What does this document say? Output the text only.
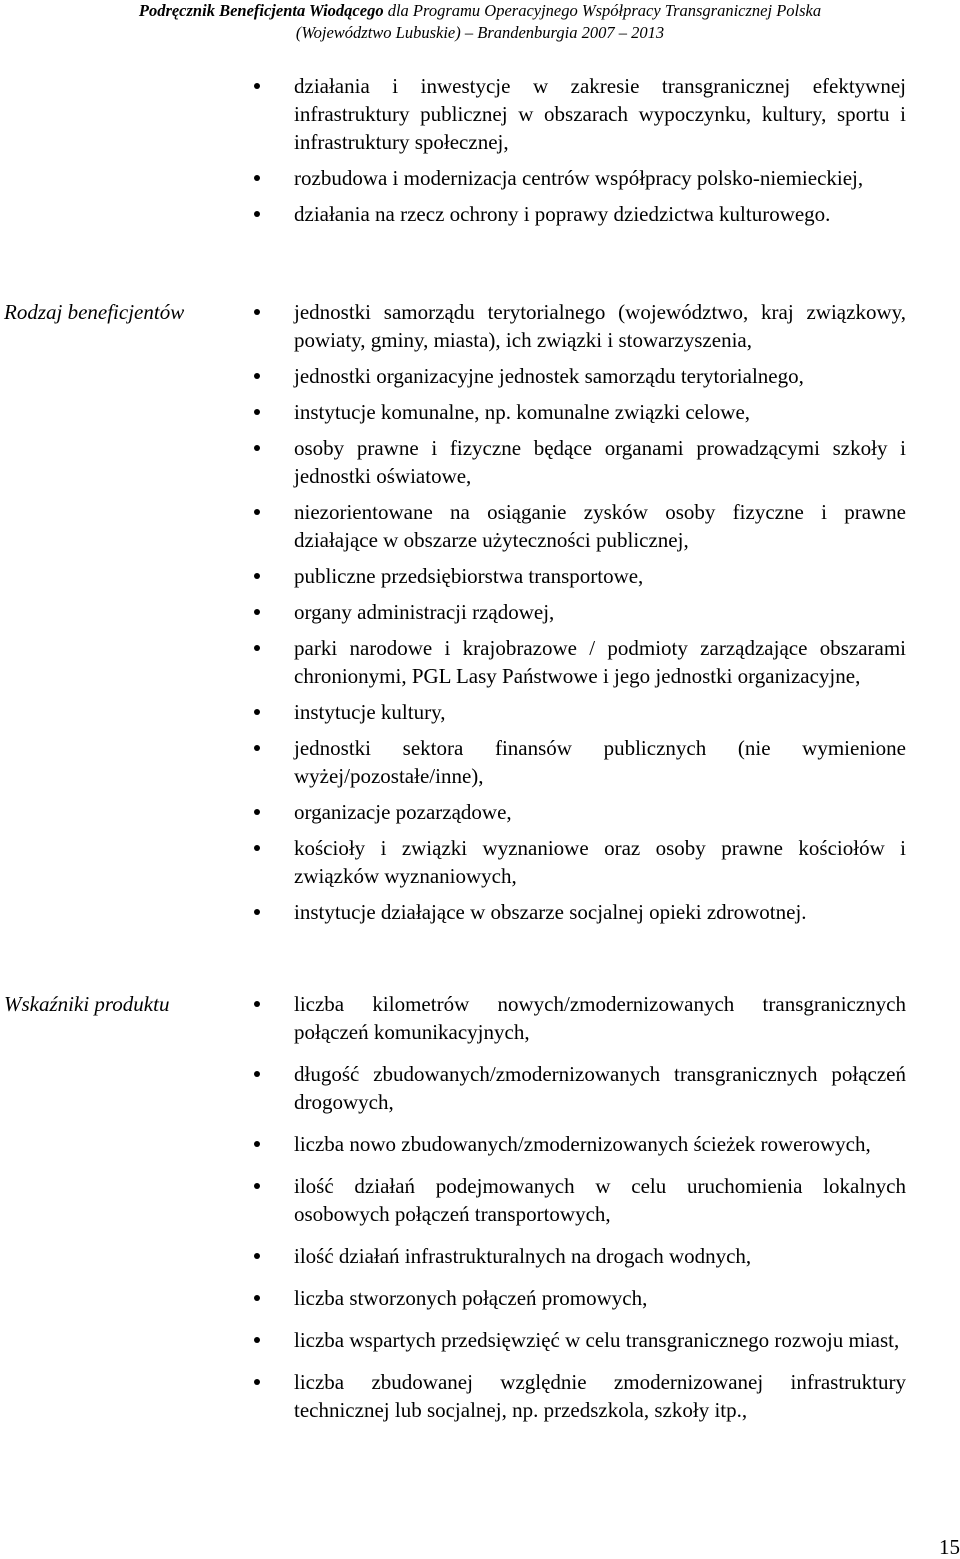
Podręcznik Beneficjenta Wiodącego dla Programu Operacyjnego Współpracy Transgranicznej Polska
(Województwo Lubuskie) – Brandenburgia 2007 – 2013
działania i inwestycje w zakresie transgranicznej efektywnej infrastruktury publicznej w obszarach wypoczynku, kultury, sportu i infrastruktury społecznej,
rozbudowa i modernizacja centrów współpracy polsko-niemieckiej,
działania na rzecz ochrony i poprawy dziedzictwa kulturowego.
Rodzaj beneficjentów	jednostki samorządu terytorialnego (województwo, kraj związkowy, powiaty, gminy, miasta), ich związki i stowarzyszenia,
jednostki organizacyjne jednostek samorządu terytorialnego,
instytucje komunalne, np. komunalne związki celowe,
osoby prawne i fizyczne będące organami prowadzącymi szkoły i jednostki oświatowe,
niezorientowane na osiąganie zysków osoby fizyczne i prawne działające w obszarze użyteczności publicznej,
publiczne przedsiębiorstwa transportowe,
organy administracji rządowej,
parki narodowe i krajobrazowe / podmioty zarządzające obszarami chronionymi, PGL Lasy Państwowe i jego jednostki organizacyjne,
instytucje kultury,
jednostki sektora finansów publicznych (nie wymienione wyżej/pozostałe/inne),
organizacje pozarządowe,
kościoły i związki wyznaniowe oraz osoby prawne kościołów i związków wyznaniowych,
instytucje działające w obszarze socjalnej opieki zdrowotnej.
Wskaźniki produktu	liczba kilometrów nowych/zmodernizowanych transgranicznych połączeń komunikacyjnych,
długość zbudowanych/zmodernizowanych transgranicznych połączeń drogowych,
liczba nowo zbudowanych/zmodernizowanych ścieżek rowerowych,
ilość działań podejmowanych w celu uruchomienia lokalnych osobowych połączeń transportowych,
ilość działań infrastrukturalnych na drogach wodnych,
liczba stworzonych połączeń promowych,
liczba wspartych przedsięwzięć w celu transgranicznego rozwoju miast,
liczba zbudowanej względnie zmodernizowanej infrastruktury technicznej lub socjalnej, np. przedszkola, szkoły itp.,
15
